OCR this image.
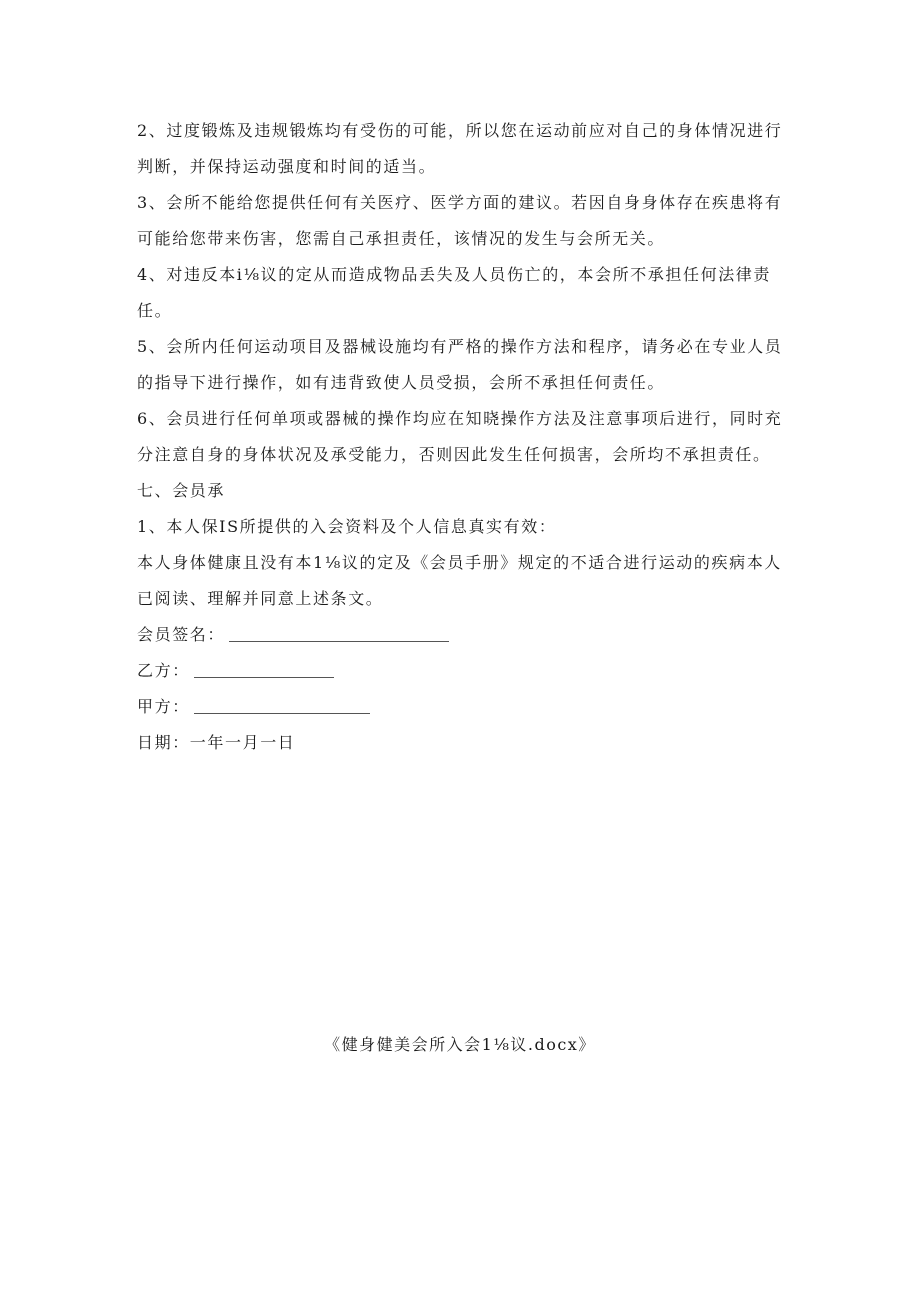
2、过度锻炼及违规锻炼均有受伤的可能，所以您在运动前应对自己的身体情况进行判断，并保持运动强度和时间的适当。

3、会所不能给您提供任何有关医疗、医学方面的建议。若因自身身体存在疾患将有可能给您带来伤害，您需自己承担责任，该情况的发生与会所无关。

4、对违反本i⅛议的定从而造成物品丢失及人员伤亡的，本会所不承担任何法律责任。

5、会所内任何运动项目及器械设施均有严格的操作方法和程序，请务必在专业人员的指导下进行操作，如有违背致使人员受损，会所不承担任何责任。

6、会员进行任何单项或器械的操作均应在知晓操作方法及注意事项后进行，同时充分注意自身的身体状况及承受能力，否则因此发生任何损害，会所均不承担责任。

七、会员承

1、本人保IS所提供的入会资料及个人信息真实有效：

本人身体健康且没有本1⅛议的定及《会员手册》规定的不适合进行运动的疾病本人已阅读、理解并同意上述条文。

会员签名：
乙方：
甲方：

日期：一年一月一日

《健身健美会所入会1⅛议.docx》
